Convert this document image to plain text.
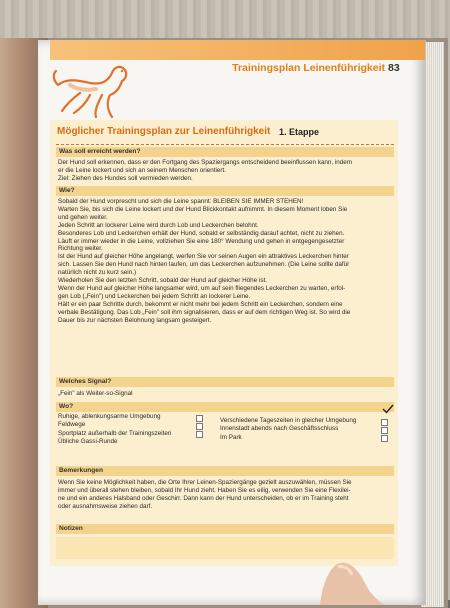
Trainingsplan Leinenführigkeit 83
Möglicher Trainingsplan zur Leinenführigkeit 1. Etappe
Was soll erreicht werden?
Der Hund soll erkennen, dass er den Fortgang des Spaziergangs entscheidend beeinflussen kann, indem
er die Leine lockert und sich an seinem Menschen orientiert.
Ziel: Ziehen des Hundes soll vermieden werden.
Wie?
Sobald der Hund vorprescht und sich die Leine spannt: BLEIBEN SIE IMMER STEHEN!
Warten Sie, bis sich die Leine lockert und der Hund Blickkontakt aufnimmt. In diesem Moment loben Sie
und gehen weiter.
Jeden Schritt an lockerer Leine wird durch Lob und Leckerchen belohnt.
Besonderes Lob und Leckerchen erhält der Hund, sobald er selbständig darauf achtet, nicht zu ziehen.
Läuft er immer wieder in die Leine, vollziehen Sie eine 180° Wendung und gehen in entgegengesetzter
Richtung weiter.
Ist der Hund auf gleicher Höhe angelangt, werfen Sie vor seinen Augen ein attraktives Leckerchen hinter
sich. Lassen Sie den Hund nach hinten laufen, um das Leckerchen aufzunehmen. (Die Leine sollte dafür
natürlich nicht zu kurz sein.)
Wiederholen Sie den letzten Schritt, sobald der Hund auf gleicher Höhe ist.
Wenn der Hund auf gleicher Höhe langsamer wird, um auf sein fliegendes Leckerchen zu warten, erfol-
gen Lob („Fein") und Leckerchen bei jedem Schritt an lockerer Leine.
Hält er ein paar Schritte durch, bekommt er nicht mehr bei jedem Schritt ein Leckerchen, sondern eine
verbale Bestätigung. Das Lob „Fein" soll ihm signalisieren, dass er auf dem richtigen Weg ist. So wird die
Dauer bis zur nächsten Belohnung langsam gesteigert.
Welches Signal?
„Fein" als Weiter-so-Signal
Wo?
Ruhige, ablenkungsarme Umgebung
Feldwege
Sportplatz außerhalb der Trainingszeiten
Übliche Gassi-Runde
Verschiedene Tageszeiten in gleicher Umgebung
Innenstadt abends nach Geschäftsschluss
Im Park
Bemerkungen
Wenn Sie keine Möglichkeit haben, die Orte Ihrer Leinen-Spaziergänge gezielt auszuwählen, müssen Sie
immer und überall stehen bleiben, sobald Ihr Hund zieht. Haben Sie es eilig, verwenden Sie eine Flexilei-
ne und ein anderes Halsband oder Geschirr. Dann kann der Hund unterscheiden, ob er im Training steht
oder ausnahmsweise ziehen darf.
Notizen
